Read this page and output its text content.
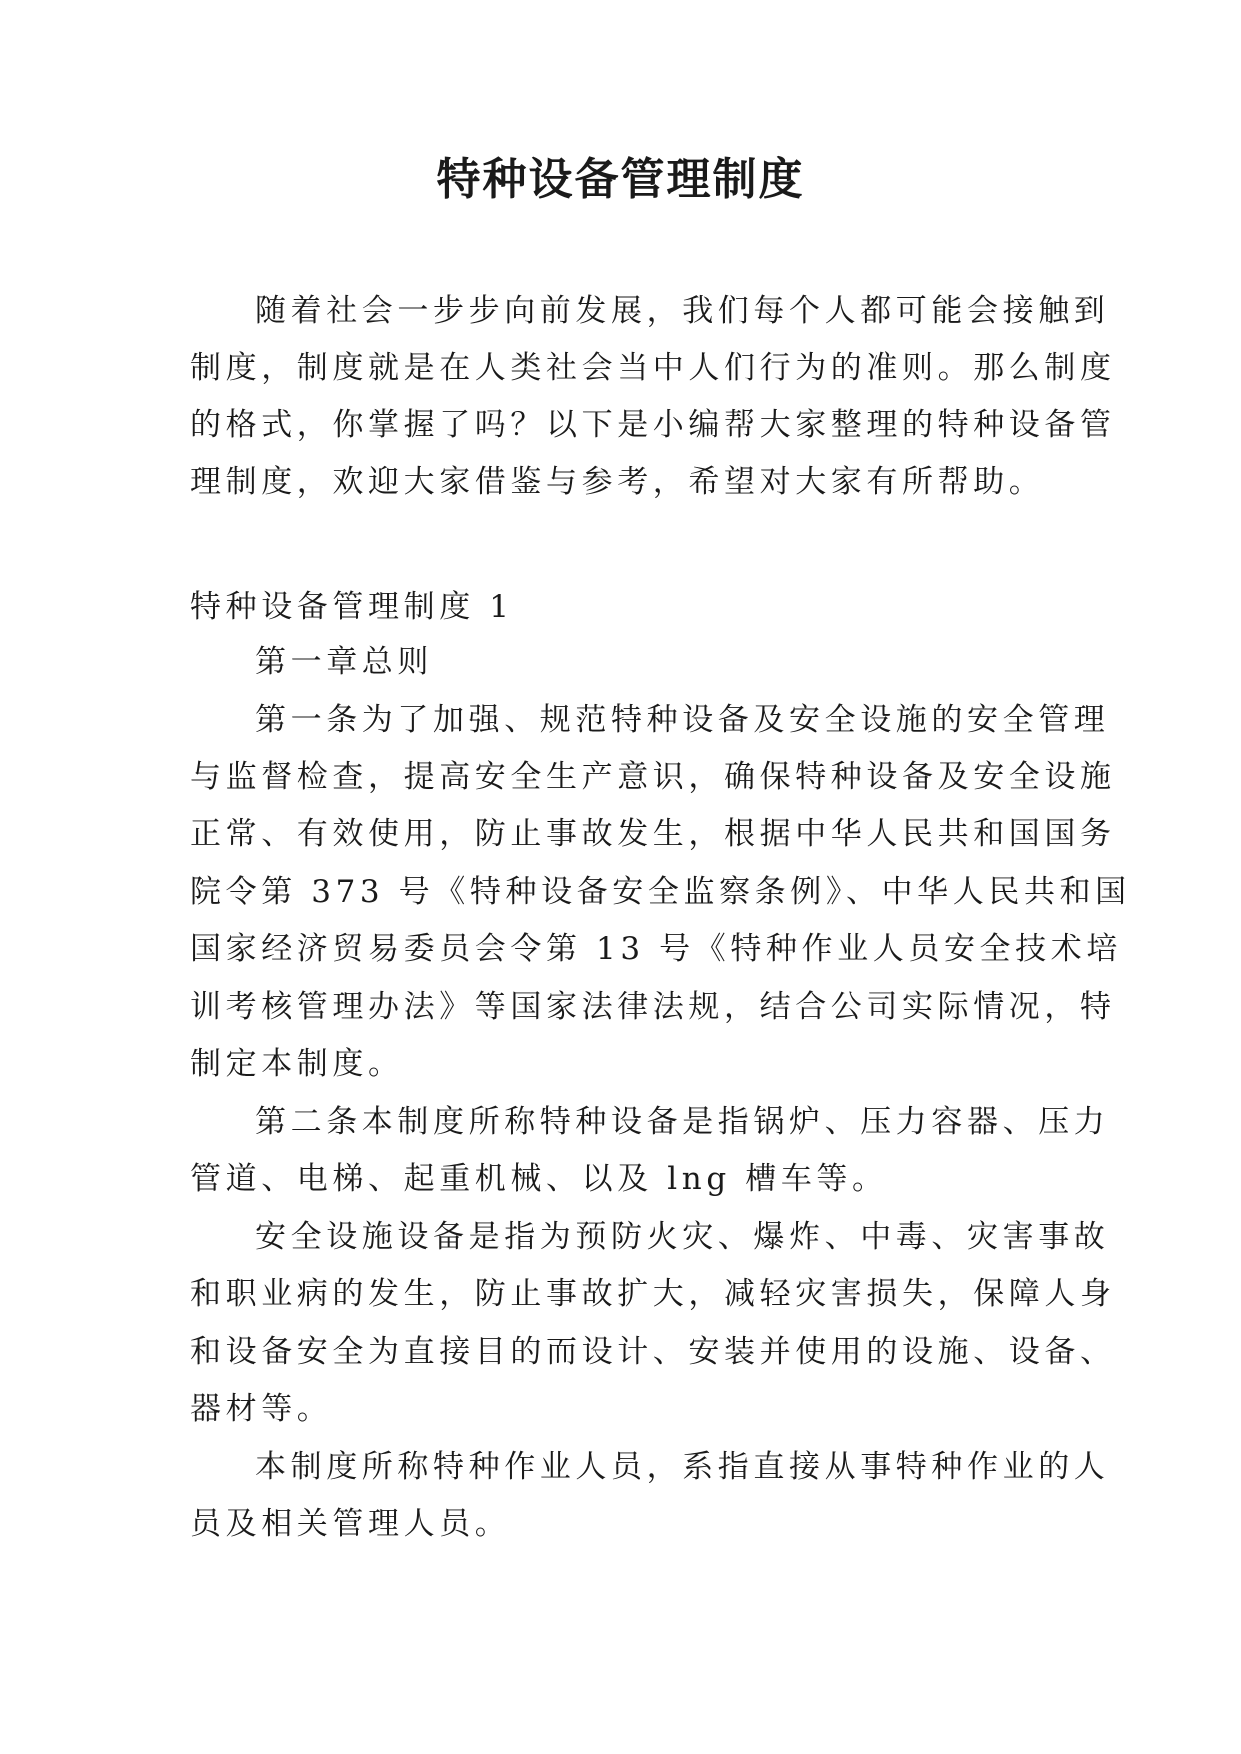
特种设备管理制度
随着社会一步步向前发展，我们每个人都可能会接触到
制度，制度就是在人类社会当中人们行为的准则。那么制度
的格式，你掌握了吗？以下是小编帮大家整理的特种设备管
理制度，欢迎大家借鉴与参考，希望对大家有所帮助。
特种设备管理制度 1
第一章总则
第一条为了加强、规范特种设备及安全设施的安全管理
与监督检查，提高安全生产意识，确保特种设备及安全设施
正常、有效使用，防止事故发生，根据中华人民共和国国务
院令第 373 号《特种设备安全监察条例》、中华人民共和国
国家经济贸易委员会令第 13 号《特种作业人员安全技术培
训考核管理办法》等国家法律法规，结合公司实际情况，特
制定本制度。
第二条本制度所称特种设备是指锅炉、压力容器、压力
管道、电梯、起重机械、以及 lng 槽车等。
安全设施设备是指为预防火灾、爆炸、中毒、灾害事故
和职业病的发生，防止事故扩大，减轻灾害损失，保障人身
和设备安全为直接目的而设计、安装并使用的设施、设备、
器材等。
本制度所称特种作业人员，系指直接从事特种作业的人
员及相关管理人员。
